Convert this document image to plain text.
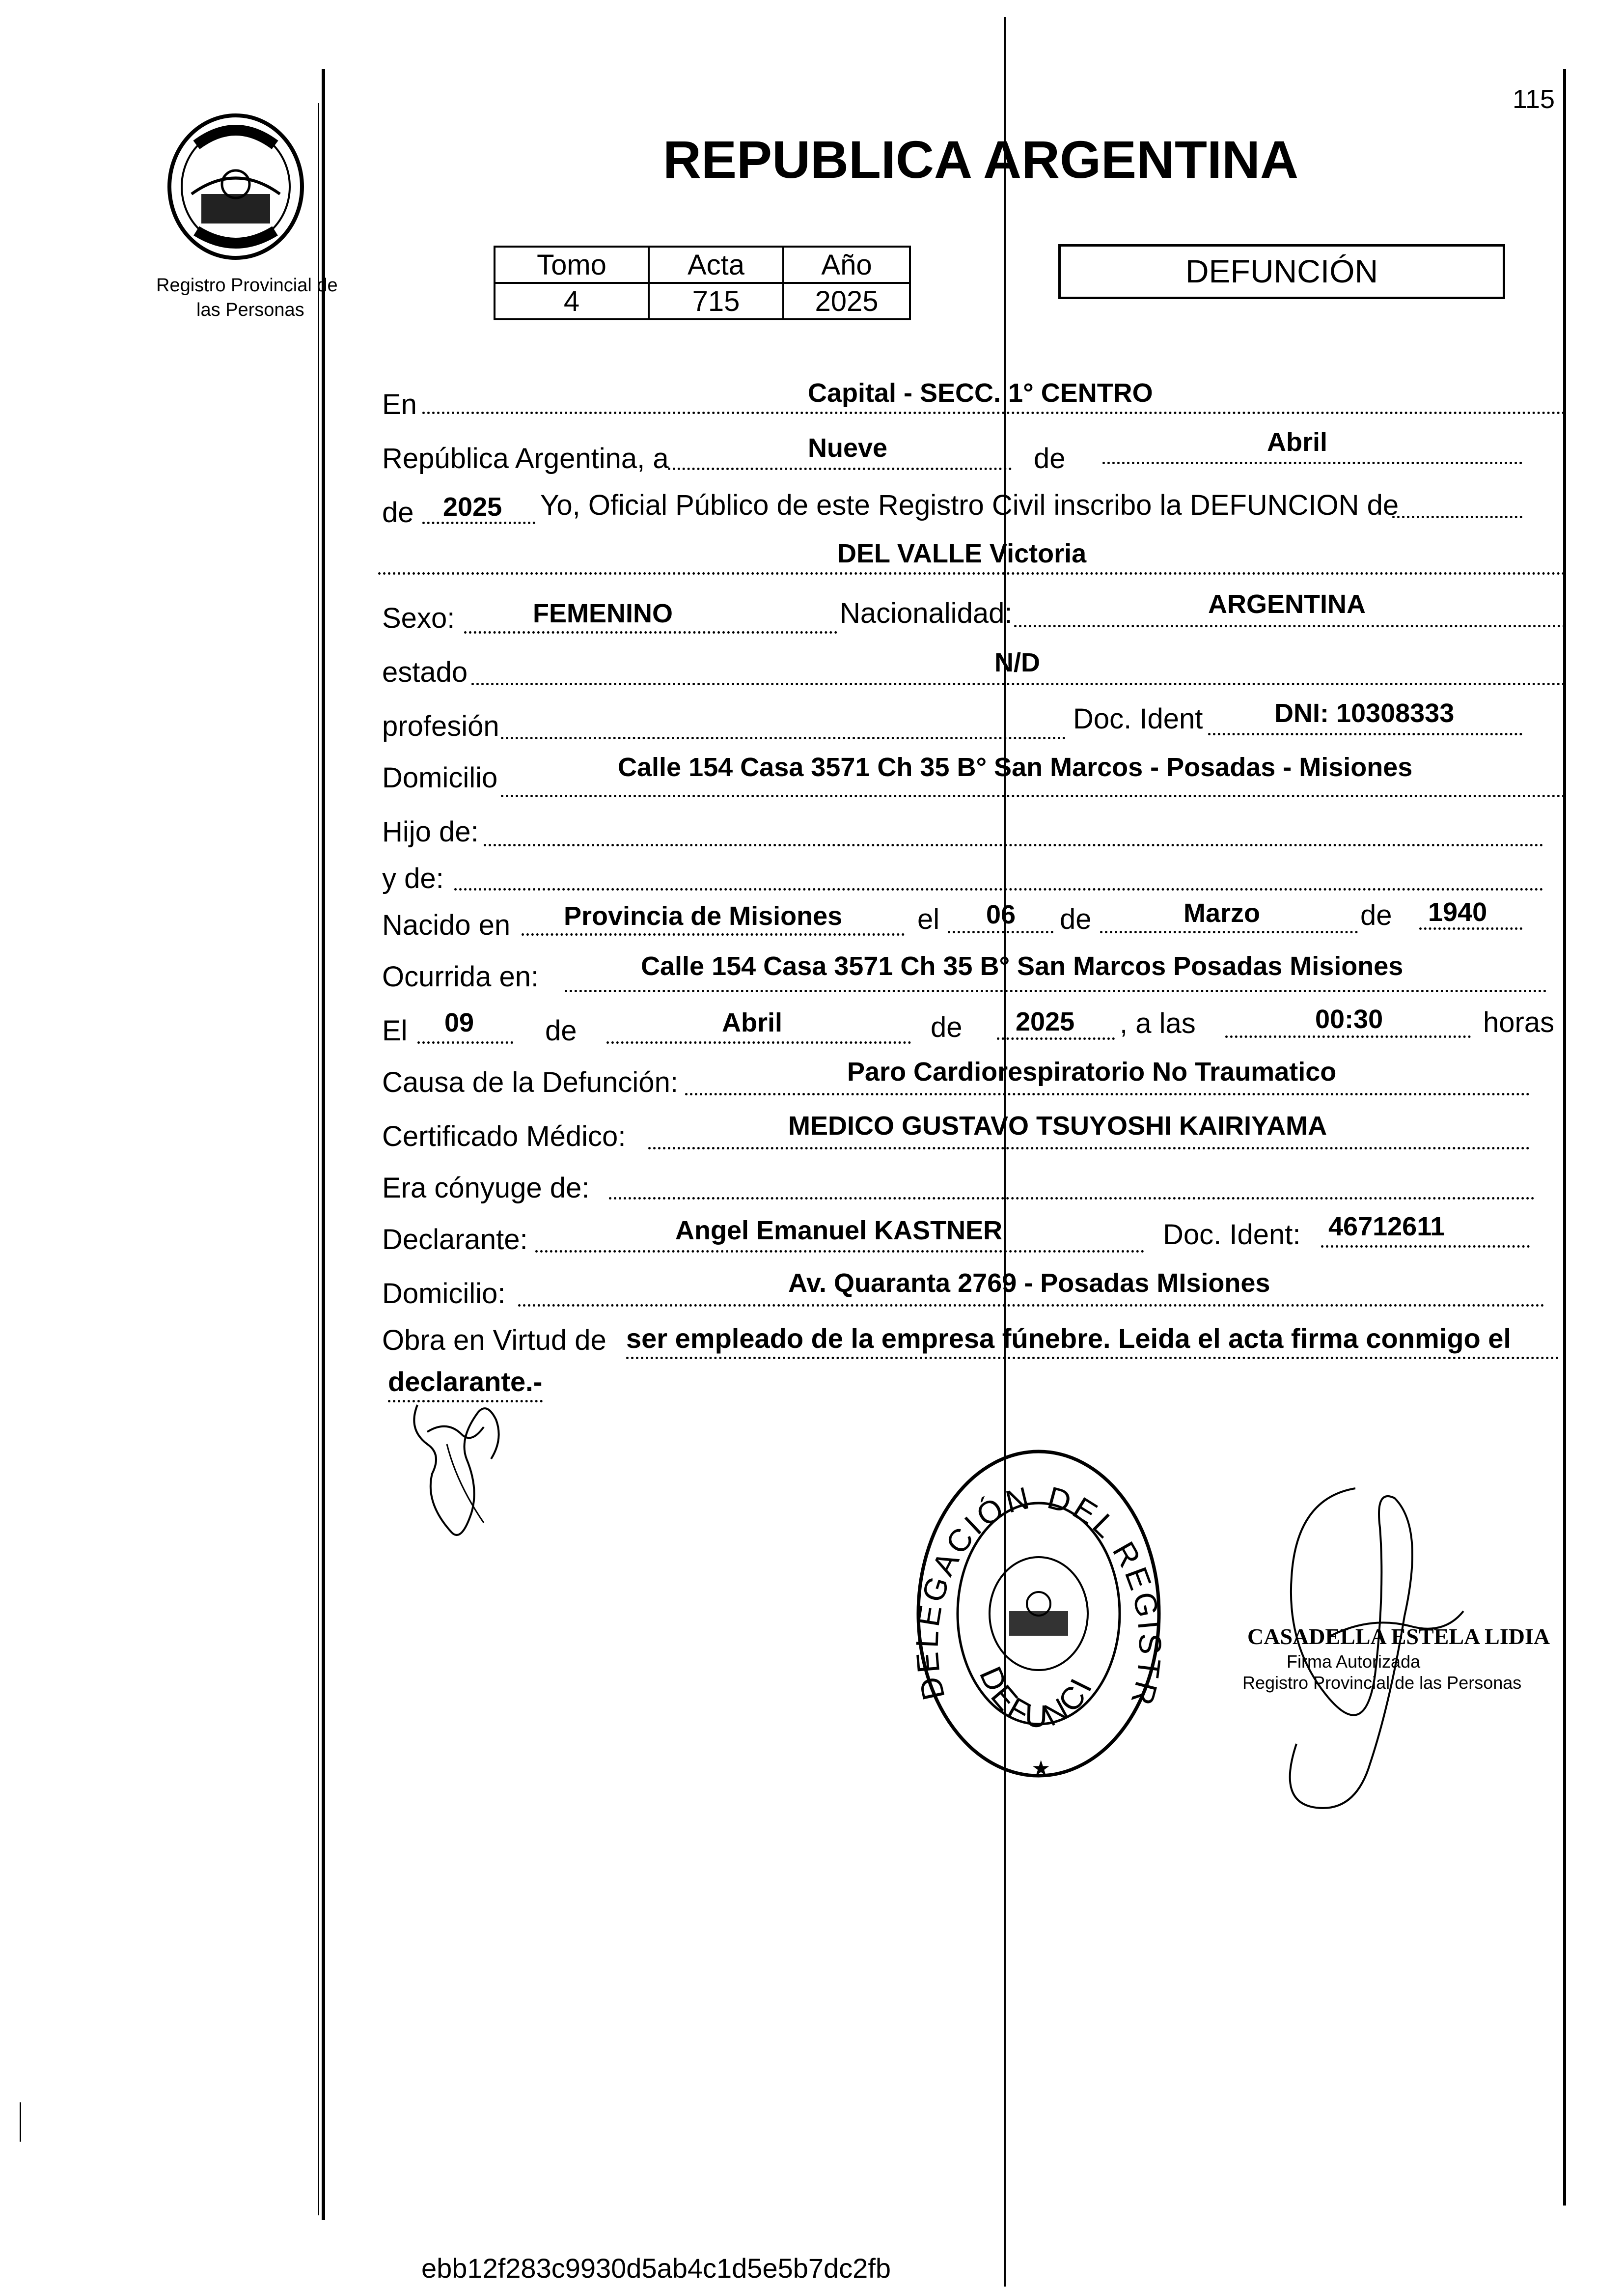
115
Registro Provincial de
las Personas
REPUBLICA ARGENTINA
Tomo	Acta	Año
4	715	2025
DEFUNCIÓN
En	Capital - SECC. 1° CENTRO
República Argentina, a	Nueve	de
Abril
de 2025 Yo, Oficial Público de este Registro Civil inscribo la DEFUNCION de
DEL VALLE Victoria
Sexo:	FEMENINO	Nacionalidad:	ARGENTINA
estado	N/D
profesión	Doc. Ident	DNI: 10308333
Domicilio	Calle 154 Casa 3571 Ch 35 B° San Marcos - Posadas - Misiones
Hijo de:
y de:
Nacido en Provincia de Misiones	el 06 de	Marzo	de 1940
Ocurrida en:	Calle 154 Casa 3571 Ch 35 B° San Marcos Posadas Misiones
El 09 de	Abril	de 2025 , a las	00:30	horas
Causa de la Defunción:	Paro Cardiorespiratorio No Traumatico
Certificado Médico:	MEDICO GUSTAVO TSUYOSHI KAIRIYAMA
Era cónyuge de:
Declarante:	Angel Emanuel KASTNER	Doc. Ident: 46712611
Domicilio:	Av. Quaranta 2769 - Posadas MIsiones
Obra en Virtud de ser empleado de la empresa fúnebre. Leida el acta firma conmigo el
declarante.-
DELEGACIÓN DEL REGISTR
DEFUNCI
★
CASADELLA ESTELA LIDIA
Firma Autorizada
Registro Provincial de las Personas
ebb12f283c9930d5ab4c1d5e5b7dc2fb
